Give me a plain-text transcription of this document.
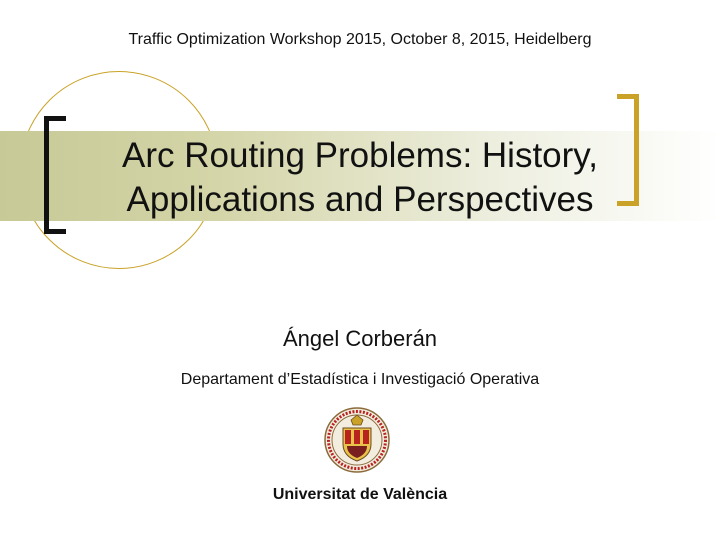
Traffic Optimization Workshop 2015, October 8, 2015, Heidelberg
Arc Routing Problems: History,
Applications and Perspectives
Ángel Corberán
Departament d’Estadística i Investigació Operativa
Universitat de València
